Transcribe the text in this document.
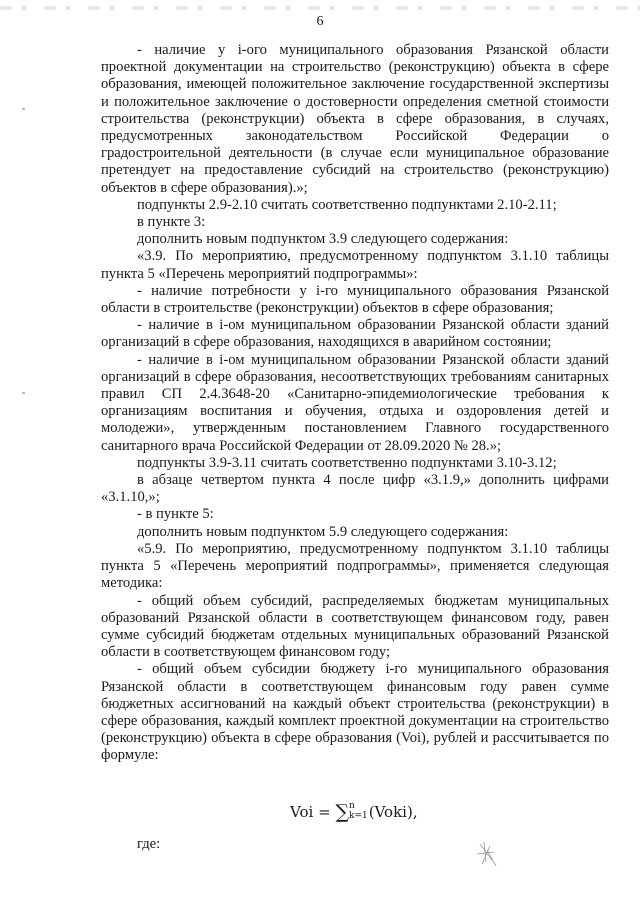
6

- наличие у i-ого муниципального образования Рязанской области проектной документации на строительство (реконструкцию) объекта в сфере образования, имеющей положительное заключение государственной экспертизы и положительное заключение о достоверности определения сметной стоимости строительства (реконструкции) объекта в сфере образования, в случаях, предусмотренных законодательством Российской Федерации о градостроительной деятельности (в случае если муниципальное образование претендует на предоставление субсидий на строительство (реконструкцию) объектов в сфере образования).»;

подпункты 2.9-2.10 считать соответственно подпунктами 2.10-2.11;

в пункте 3:

дополнить новым подпунктом 3.9 следующего содержания:

«3.9. По мероприятию, предусмотренному подпунктом 3.1.10 таблицы пункта 5 «Перечень мероприятий подпрограммы»:

- наличие потребности у i-го муниципального образования Рязанской области в строительстве (реконструкции) объектов в сфере образования;

- наличие в i-ом муниципальном образовании Рязанской области зданий организаций в сфере образования, находящихся в аварийном состоянии;

- наличие в i-ом муниципальном образовании Рязанской области зданий организаций в сфере образования, несоответствующих требованиям санитарных правил СП 2.4.3648-20 «Санитарно-эпидемиологические требования к организациям воспитания и обучения, отдыха и оздоровления детей и молодежи», утвержденным постановлением Главного государственного санитарного врача Российской Федерации от 28.09.2020 № 28.»;

подпункты 3.9-3.11 считать соответственно подпунктами 3.10-3.12;

в абзаце четвертом пункта 4 после цифр «3.1.9,» дополнить цифрами «3.1.10,»;

- в пункте 5:

дополнить новым подпунктом 5.9 следующего содержания:

«5.9. По мероприятию, предусмотренному подпунктом 3.1.10 таблицы пункта 5 «Перечень мероприятий подпрограммы», применяется следующая методика:

- общий объем субсидий, распределяемых бюджетам муниципальных образований Рязанской области в соответствующем финансовом году, равен сумме субсидий бюджетам отдельных муниципальных образований Рязанской области в соответствующем финансовом году;

- общий объем субсидии бюджету i-го муниципального образования Рязанской области в соответствующем финансовым году равен сумме бюджетных ассигнований на каждый объект строительства (реконструкции) в сфере образования, каждый комплект проектной документации на строительство (реконструкцию) объекта в сфере образования (Voi), рублей и рассчитывается по формуле:

Voi = ∑ n
k=1 (Voki),
где:
